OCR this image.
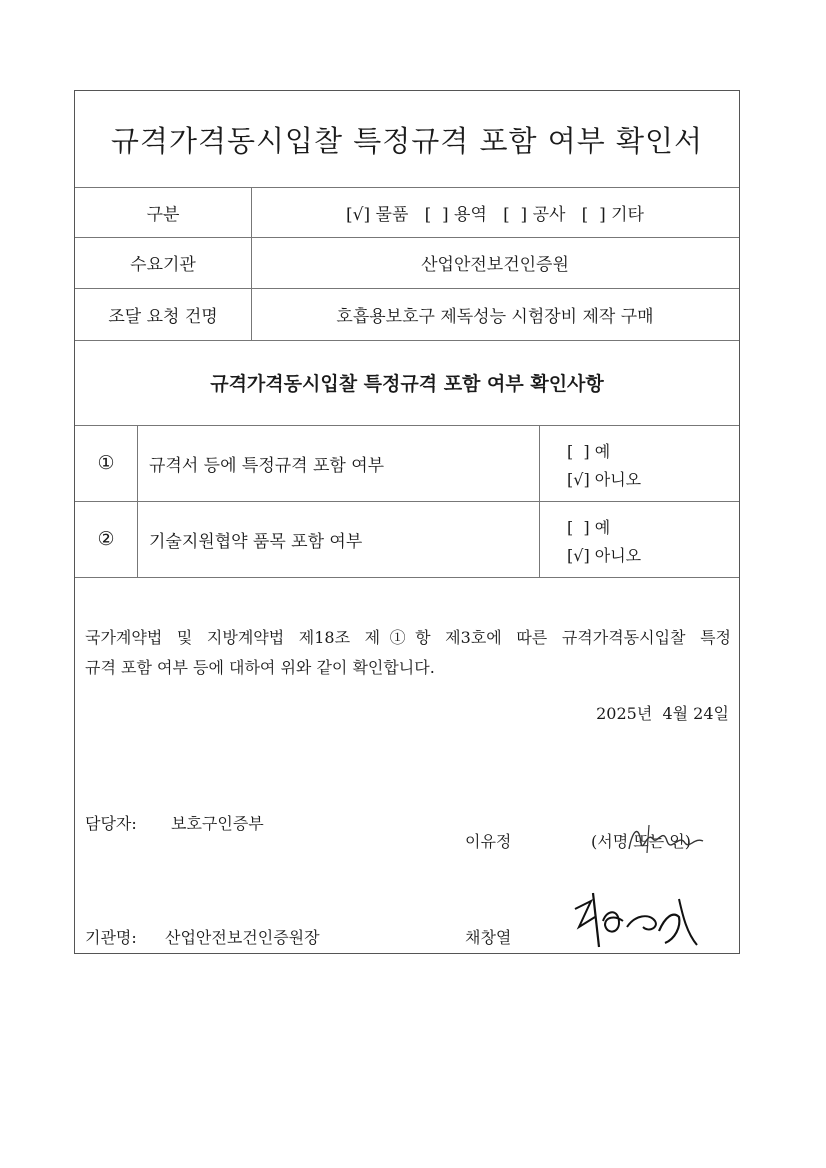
규격가격동시입찰 특정규격 포함 여부 확인서
구분	[√] 물품   [  ] 용역   [  ] 공사   [  ] 기타
수요기관	산업안전보건인증원
조달 요청 건명	호흡용보호구 제독성능 시험장비 제작 구매
규격가격동시입찰 특정규격 포함 여부 확인사항
①	규격서 등에 특정규격 포함 여부
[  ] 예
[√] 아니오
②	기술지원협약 품목 포함 여부
[  ] 예
[√] 아니오

국가계약법 및 지방계약법 제18조 제①항 제3호에 따른 규격가격동시입찰 특정

규격 포함 여부 등에 대하여 위와 같이 확인합니다.

2025년  4월 24일
담당자: 보호구인증부
이유정	(서명 또는 인)
기관명: 산업안전보건인증원장	채창열
